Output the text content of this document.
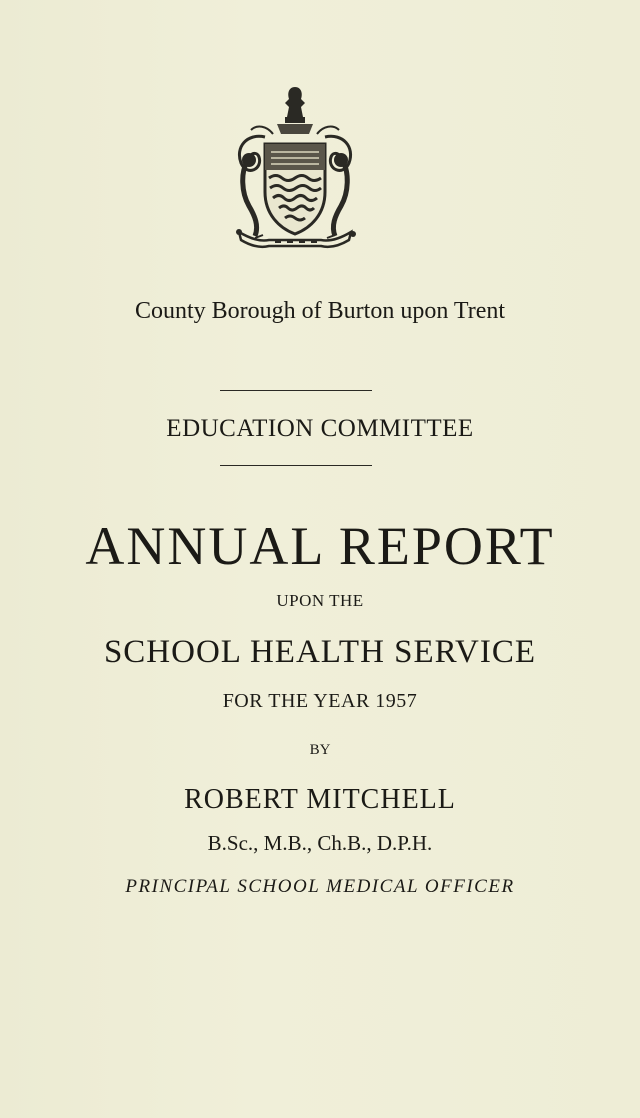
County Borough of Burton upon Trent
EDUCATION COMMITTEE
ANNUAL REPORT
UPON THE
SCHOOL HEALTH SERVICE
FOR THE YEAR 1957
BY
ROBERT MITCHELL
B.Sc., M.B., Ch.B., D.P.H.
PRINCIPAL SCHOOL MEDICAL OFFICER
